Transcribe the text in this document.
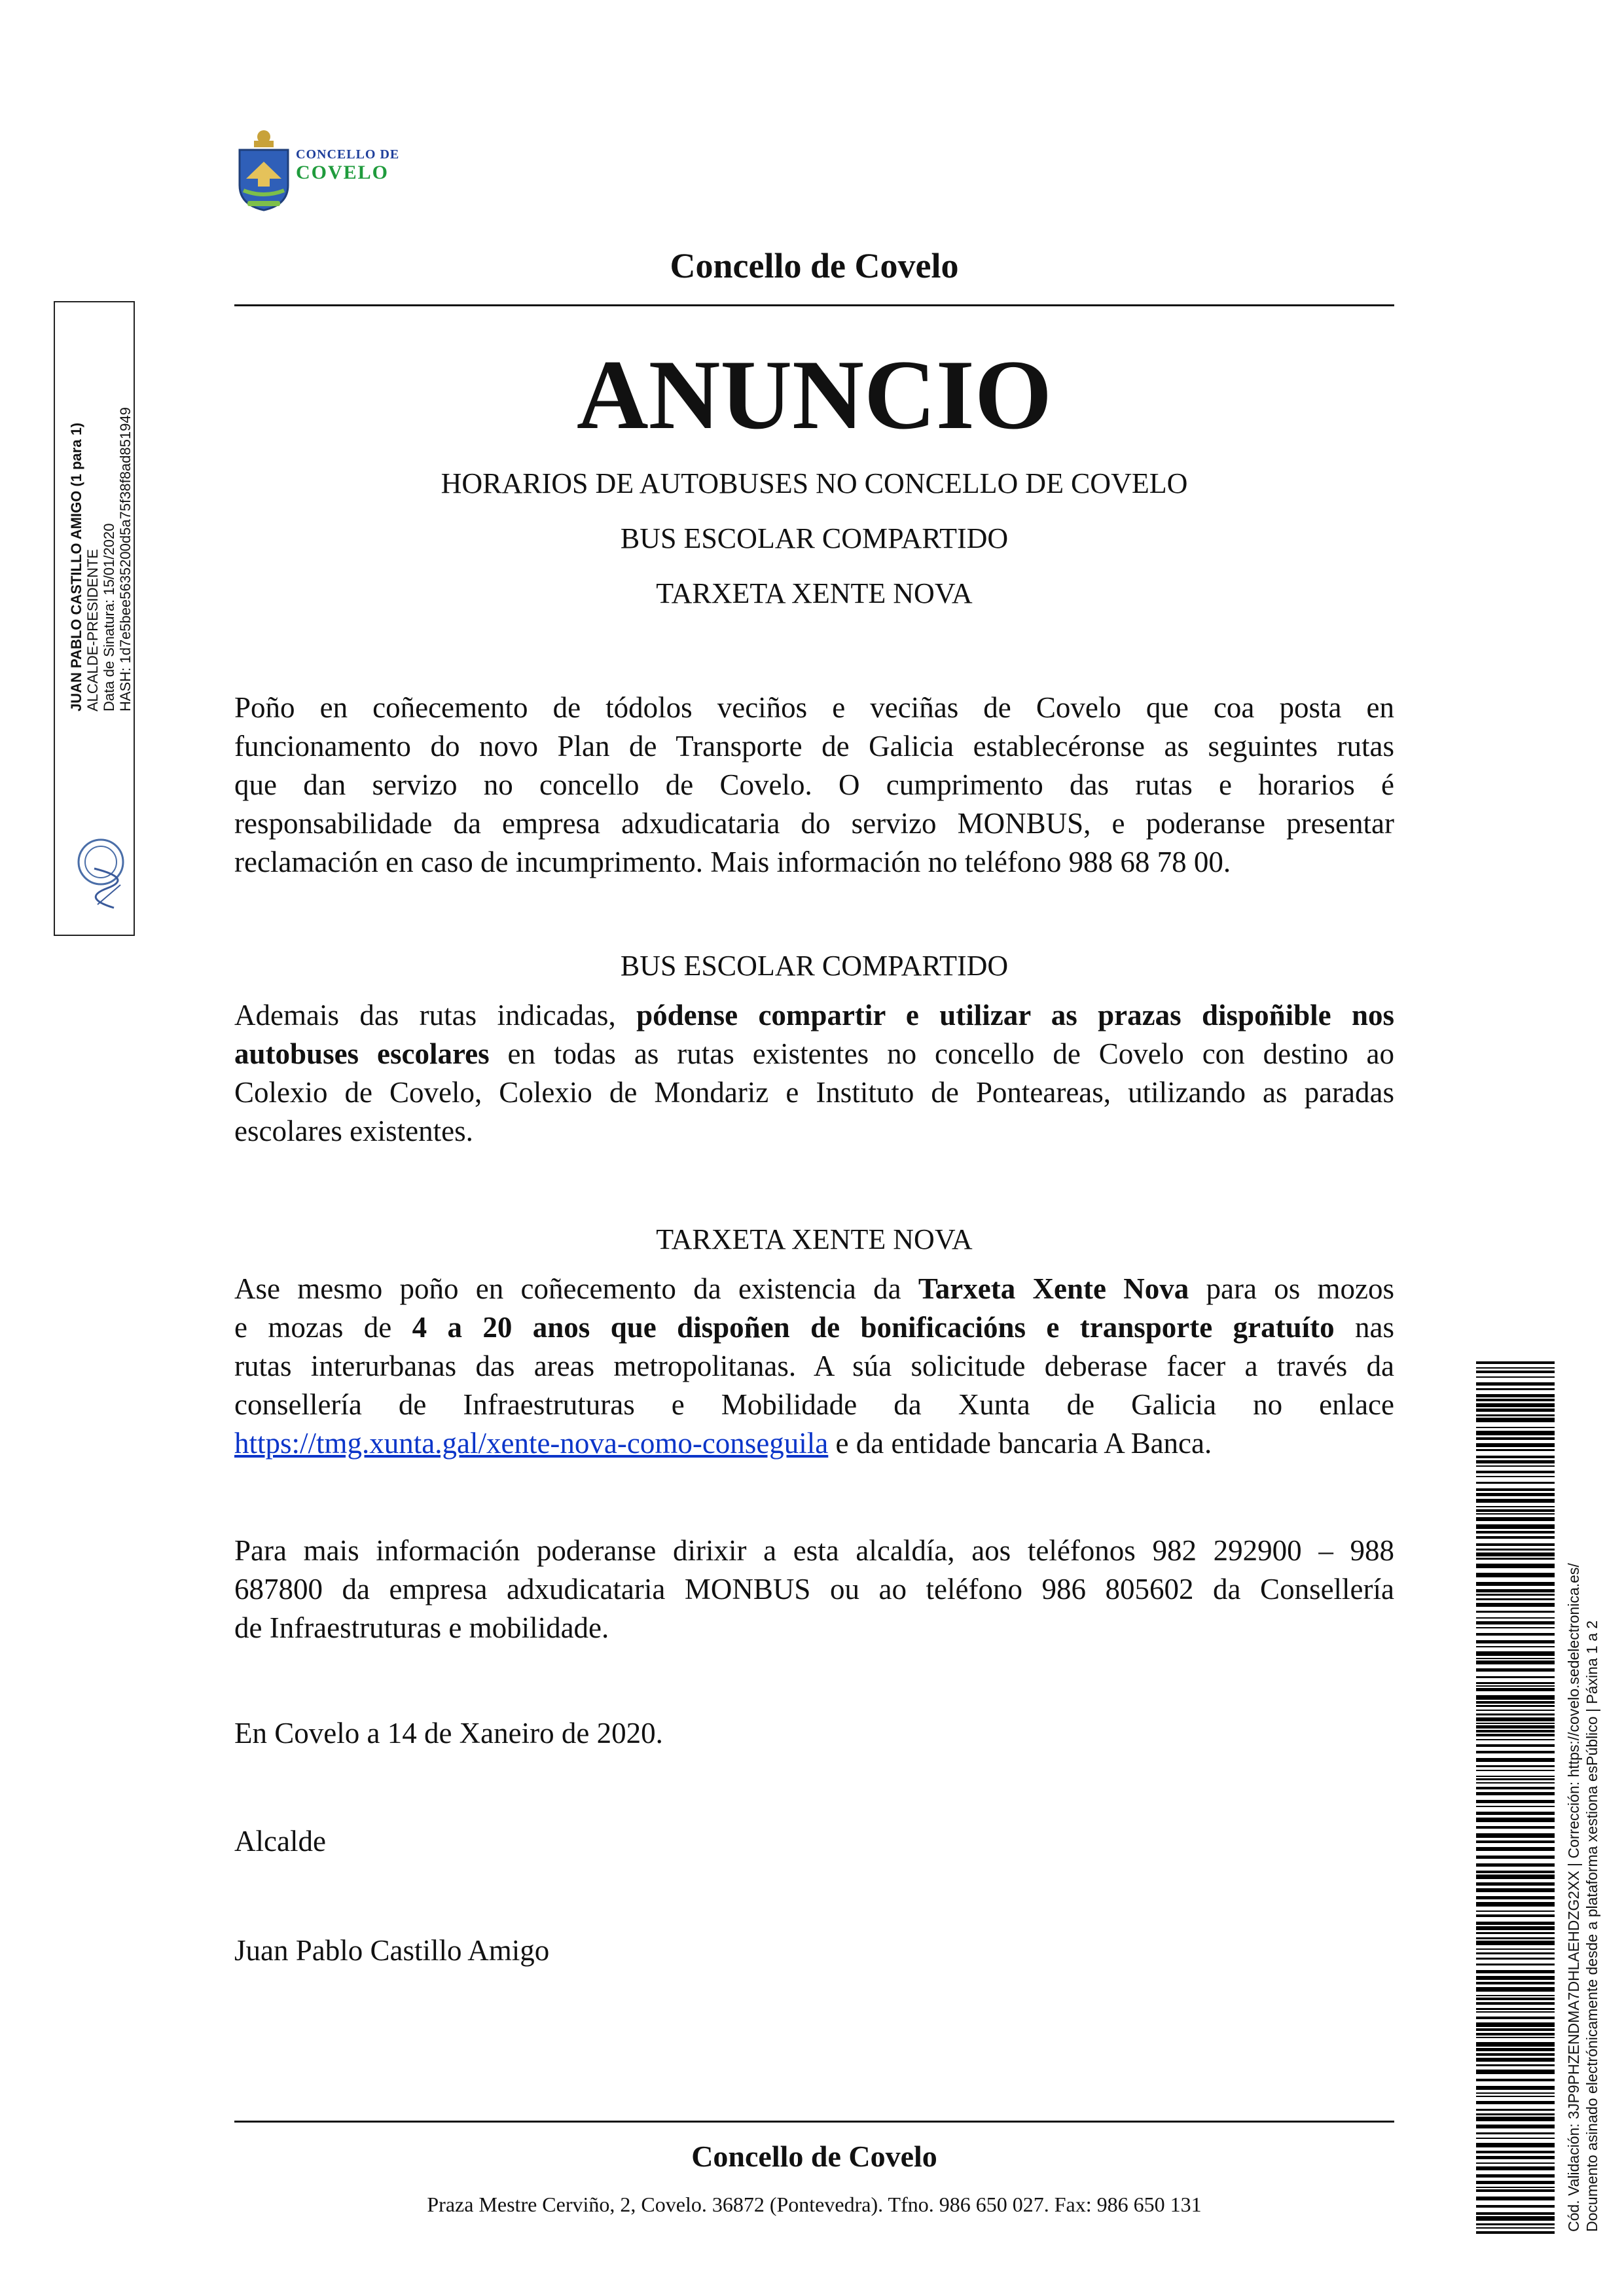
CONCELLO DE
COVELO
Concello de Covelo
ANUNCIO
HORARIOS DE AUTOBUSES NO CONCELLO DE COVELO
BUS ESCOLAR COMPARTIDO
TARXETA XENTE NOVA
Poño en coñecemento de tódolos veciños e veciñas de Covelo que coa posta en
funcionamento do novo Plan de Transporte de Galicia establecéronse as seguintes rutas
que dan servizo no concello de Covelo. O cumprimento das rutas e horarios é
responsabilidade da empresa adxudicataria do servizo MONBUS, e poderanse presentar
reclamación en caso de incumprimento. Mais información no teléfono 988 68 78 00.
BUS ESCOLAR COMPARTIDO
Ademais das rutas indicadas, pódense compartir e utilizar as prazas dispoñible nos
autobuses escolares en todas as rutas existentes no concello de Covelo con destino ao
Colexio de Covelo, Colexio de Mondariz e Instituto de Ponteareas, utilizando as paradas
escolares existentes.
TARXETA XENTE NOVA
Ase mesmo poño en coñecemento da existencia da Tarxeta Xente Nova para os mozos
e mozas de 4 a 20 anos que dispoñen de bonificacións e transporte gratuíto nas
rutas interurbanas das areas metropolitanas. A súa solicitude deberase facer a través da
consellería de Infraestruturas e Mobilidade da Xunta de Galicia no enlace
https://tmg.xunta.gal/xente-nova-como-conseguila e da entidade bancaria A Banca.
Para mais información poderanse dirixir a esta alcaldía, aos teléfonos 982 292900 – 988
687800 da empresa adxudicataria MONBUS ou ao teléfono 986 805602 da Consellería
de Infraestruturas e mobilidade.
En Covelo a 14 de Xaneiro de 2020.
Alcalde
Juan Pablo Castillo Amigo
Concello de Covelo
Praza Mestre Cerviño, 2, Covelo. 36872 (Pontevedra). Tfno. 986 650 027. Fax: 986 650 131
JUAN PABLO CASTILLO AMIGO (1 para 1) ALCALDE-PRESIDENTE Data de Sinatura: 15/01/2020 HASH: 1d7e5bee5635200d5a75f38f8ad851949
Cód. Validación: 3JP9PHZENDMA7DHLAEHDZG2XX | Corrección: https://covelo.sedelectronica.es/ Documento asinado electrónicamente desde a plataforma xestiona esPúblico | Páxina 1 a 2
